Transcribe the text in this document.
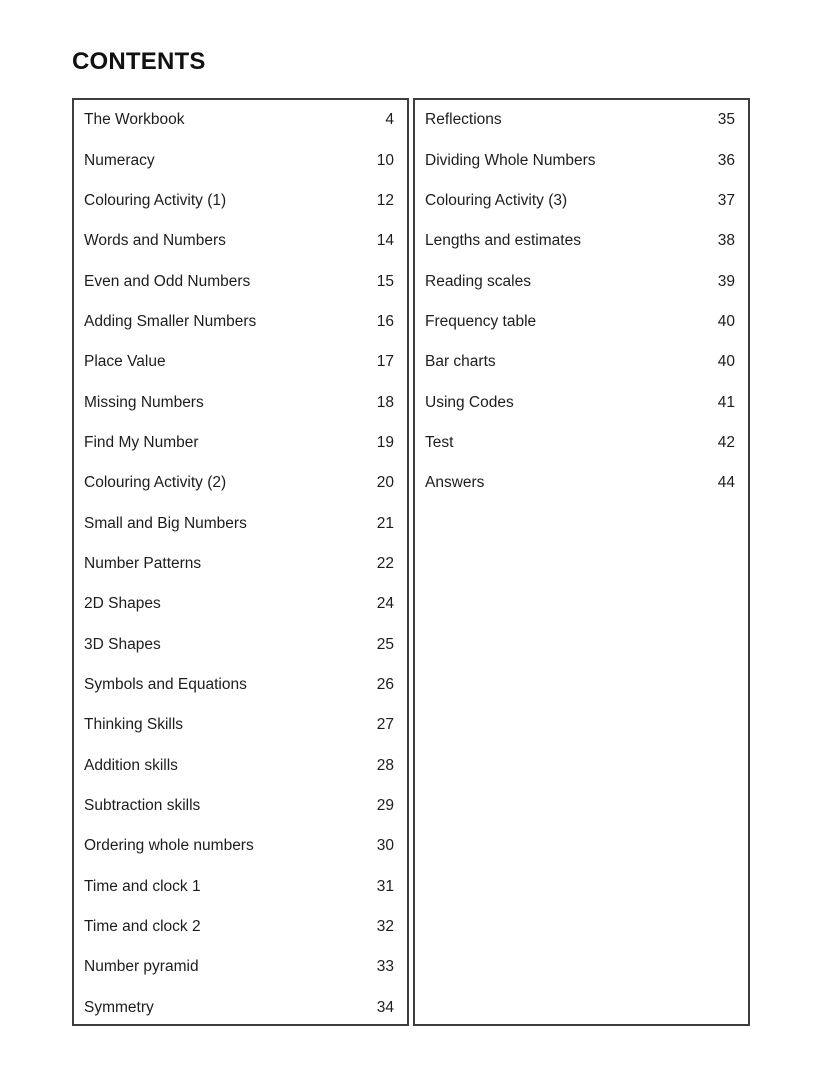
CONTENTS
The Workbook	4
Numeracy	10
Colouring Activity (1)	12
Words and Numbers	14
Even and Odd Numbers	15
Adding Smaller Numbers	16
Place Value	17
Missing Numbers	18
Find My Number	19
Colouring Activity (2)	20
Small and Big Numbers	21
Number Patterns	22
2D Shapes	24
3D Shapes	25
Symbols and Equations	26
Thinking Skills	27
Addition skills	28
Subtraction skills	29
Ordering whole numbers	30
Time and clock 1	31
Time and clock 2	32
Number pyramid	33
Symmetry	34
Reflections	35
Dividing Whole Numbers	36
Colouring Activity (3)	37
Lengths and estimates	38
Reading scales	39
Frequency table	40
Bar charts	40
Using Codes	41
Test	42
Answers	44
